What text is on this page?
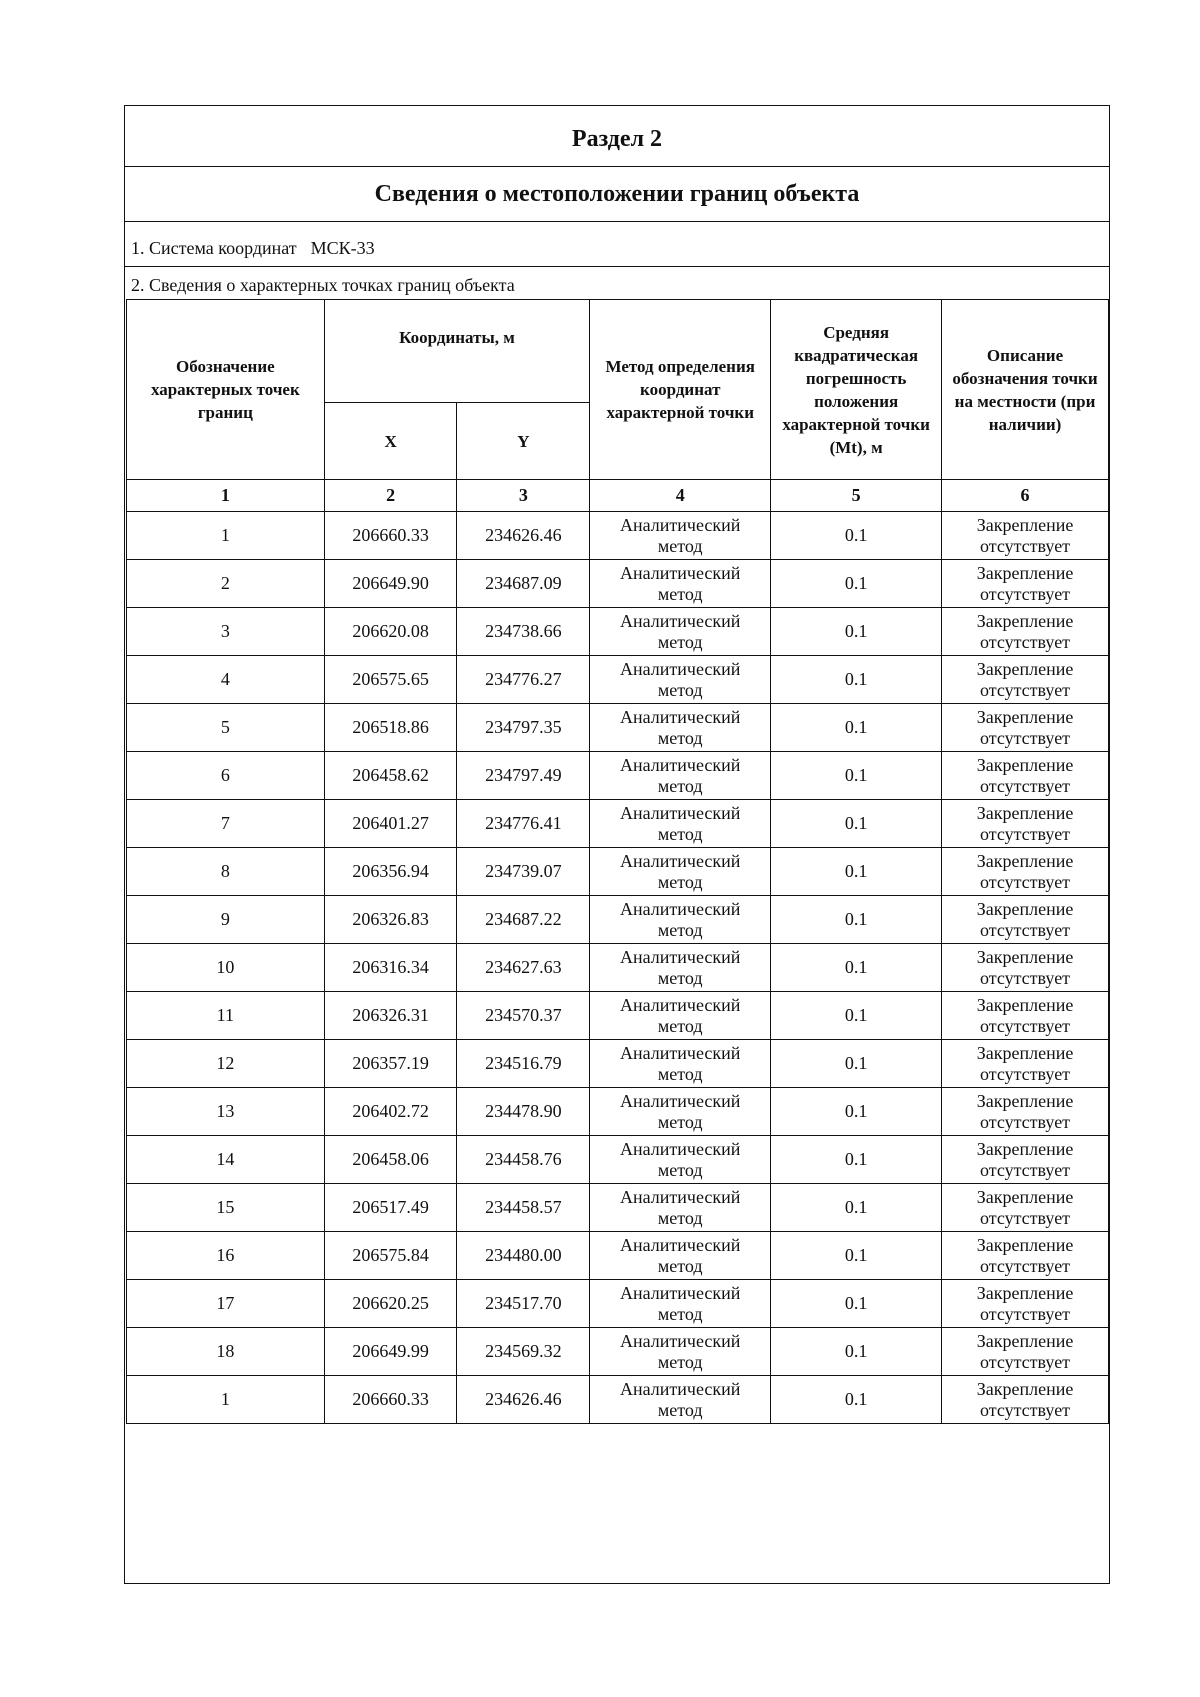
Раздел 2
Сведения о местоположении границ объекта
1. Система координат МСК-33
2. Сведения о характерных точках границ объекта
Обозначение характерных точек границ	Координаты, м		Метод определения координат характерной точки	Средняя квадратическая погрешность положения характерной точки (Mt), м	Описание обозначения точки на местности (при наличии)
	X	Y			
1	2	3	4	5	6
1	206660.33	234626.46	Аналитический метод	0.1	Закрепление отсутствует
2	206649.90	234687.09	Аналитический метод	0.1	Закрепление отсутствует
3	206620.08	234738.66	Аналитический метод	0.1	Закрепление отсутствует
4	206575.65	234776.27	Аналитический метод	0.1	Закрепление отсутствует
5	206518.86	234797.35	Аналитический метод	0.1	Закрепление отсутствует
6	206458.62	234797.49	Аналитический метод	0.1	Закрепление отсутствует
7	206401.27	234776.41	Аналитический метод	0.1	Закрепление отсутствует
8	206356.94	234739.07	Аналитический метод	0.1	Закрепление отсутствует
9	206326.83	234687.22	Аналитический метод	0.1	Закрепление отсутствует
10	206316.34	234627.63	Аналитический метод	0.1	Закрепление отсутствует
11	206326.31	234570.37	Аналитический метод	0.1	Закрепление отсутствует
12	206357.19	234516.79	Аналитический метод	0.1	Закрепление отсутствует
13	206402.72	234478.90	Аналитический метод	0.1	Закрепление отсутствует
14	206458.06	234458.76	Аналитический метод	0.1	Закрепление отсутствует
15	206517.49	234458.57	Аналитический метод	0.1	Закрепление отсутствует
16	206575.84	234480.00	Аналитический метод	0.1	Закрепление отсутствует
17	206620.25	234517.70	Аналитический метод	0.1	Закрепление отсутствует
18	206649.99	234569.32	Аналитический метод	0.1	Закрепление отсутствует
1	206660.33	234626.46	Аналитический метод	0.1	Закрепление отсутствует
